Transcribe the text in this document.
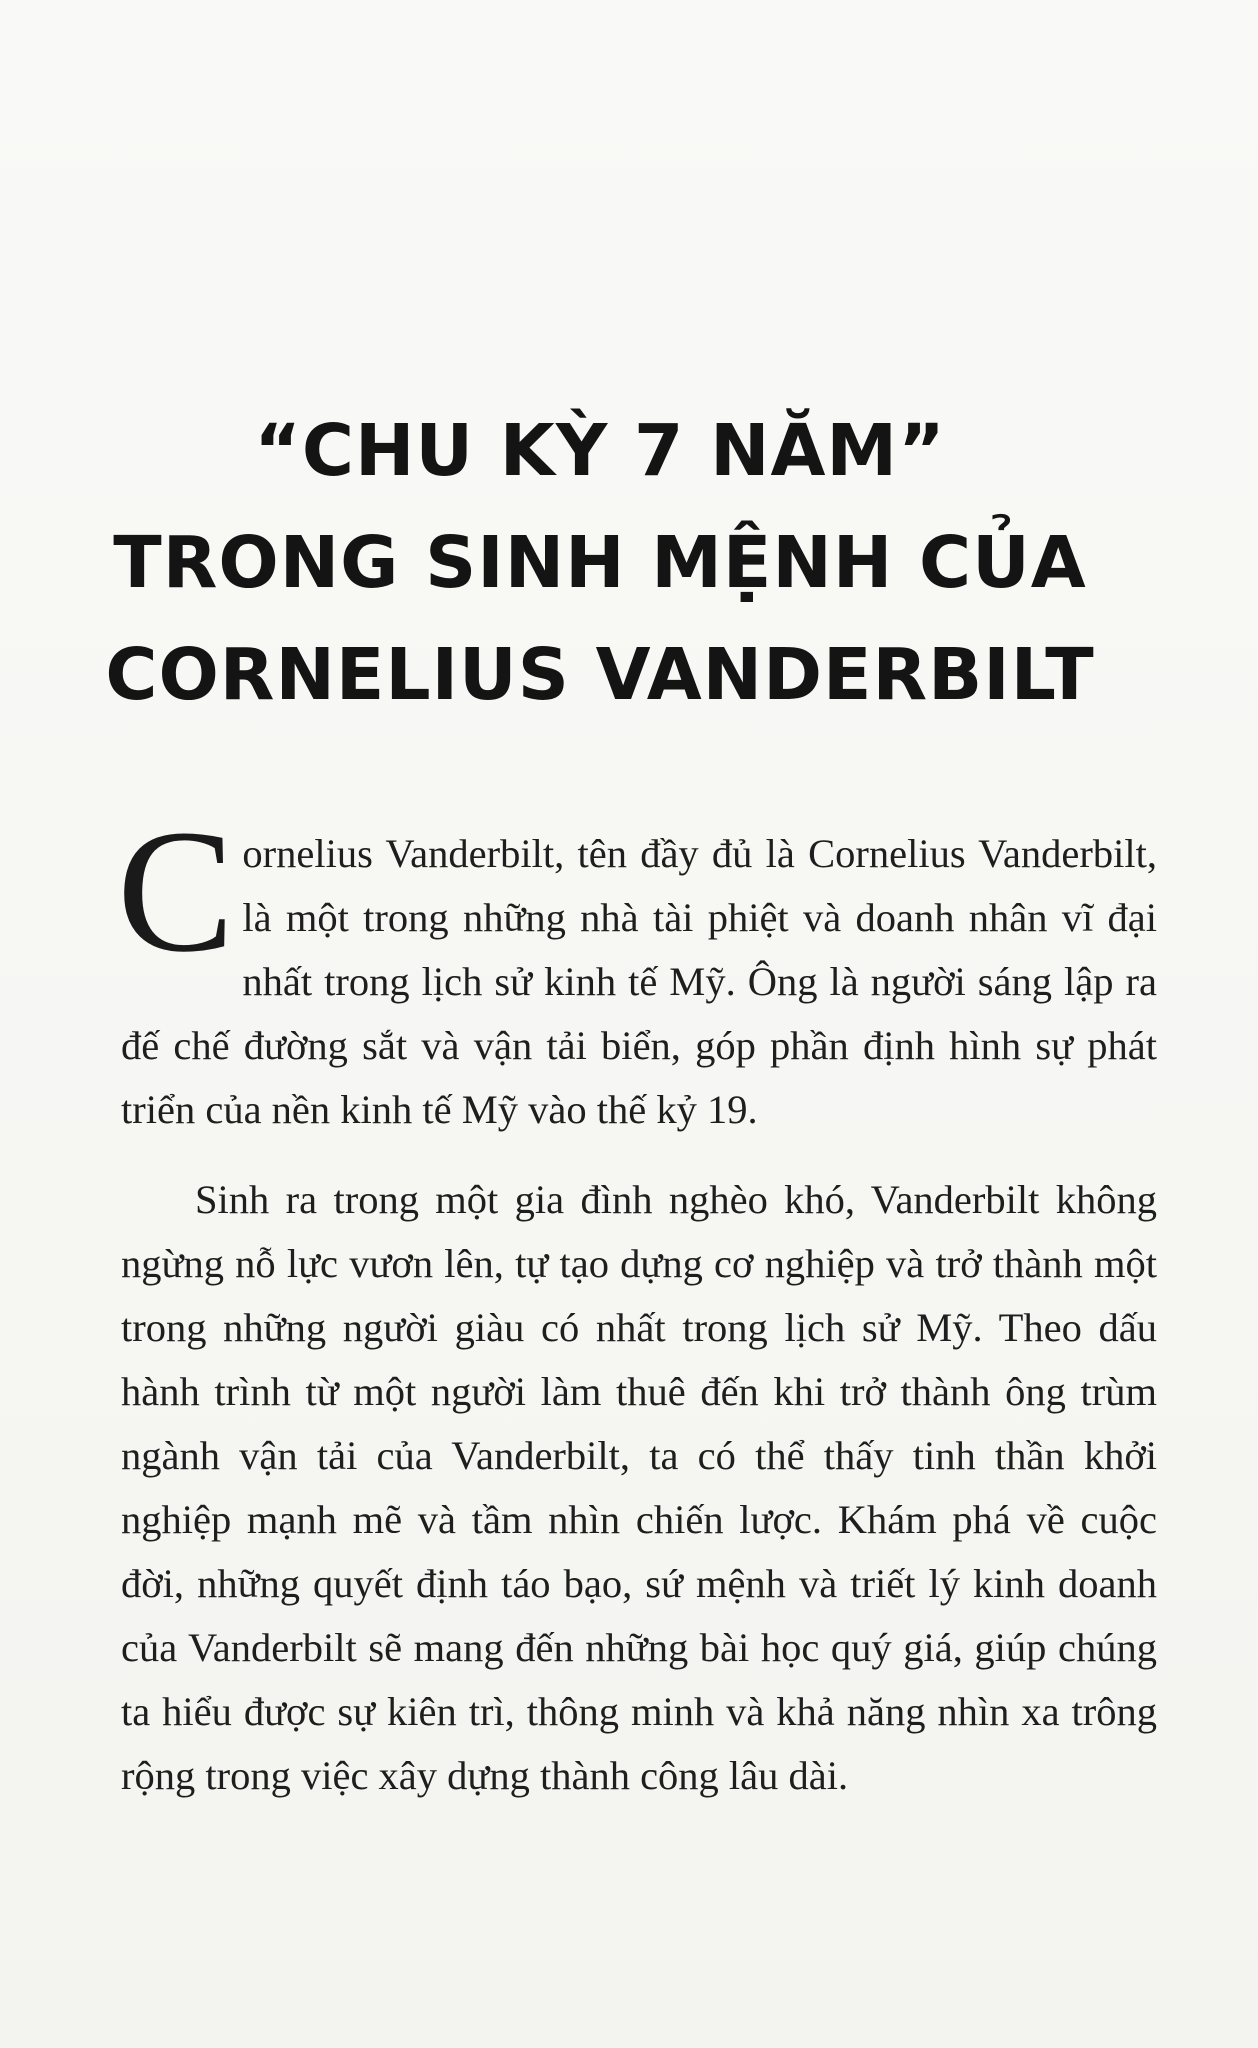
“CHU KỲ 7 NĂM”
TRONG SINH MỆNH CỦA
CORNELIUS VANDERBILT

Cornelius Vanderbilt, tên đầy đủ là Cornelius Vanderbilt, là một trong những nhà tài phiệt và doanh nhân vĩ đại nhất trong lịch sử kinh tế Mỹ. Ông là người sáng lập ra đế chế đường sắt và vận tải biển, góp phần định hình sự phát triển của nền kinh tế Mỹ vào thế kỷ 19.

Sinh ra trong một gia đình nghèo khó, Vanderbilt không ngừng nỗ lực vươn lên, tự tạo dựng cơ nghiệp và trở thành một trong những người giàu có nhất trong lịch sử Mỹ. Theo dấu hành trình từ một người làm thuê đến khi trở thành ông trùm ngành vận tải của Vanderbilt, ta có thể thấy tinh thần khởi nghiệp mạnh mẽ và tầm nhìn chiến lược. Khám phá về cuộc đời, những quyết định táo bạo, sứ mệnh và triết lý kinh doanh của Vanderbilt sẽ mang đến những bài học quý giá, giúp chúng ta hiểu được sự kiên trì, thông minh và khả năng nhìn xa trông rộng trong việc xây dựng thành công lâu dài.
